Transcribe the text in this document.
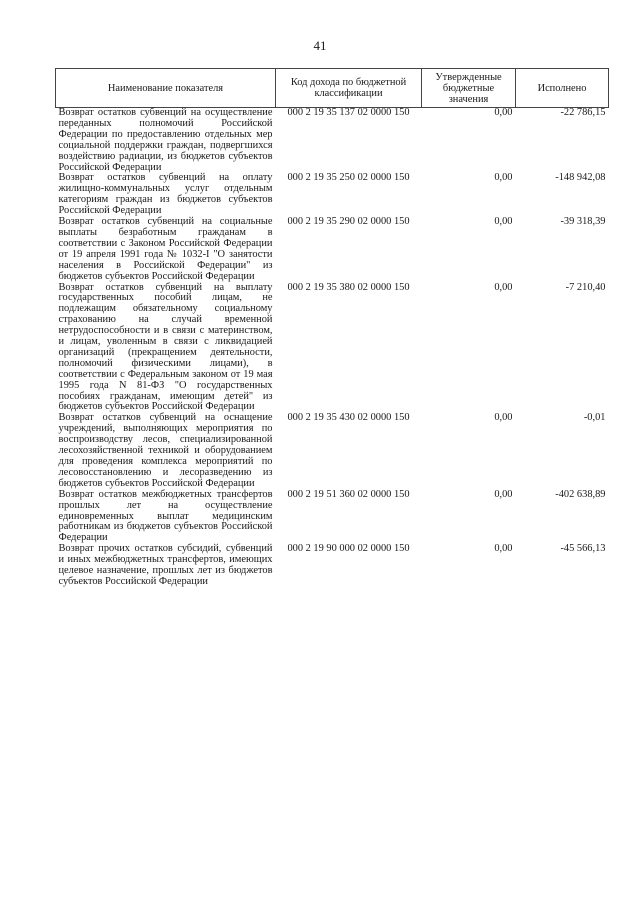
41
Наименование показателя	Код дохода по бюджетной классификации	Утвержденные бюджетные значения	Исполнено
Возврат остатков субвенций на осуществление переданных полномочий Российской Федерации по предоставлению отдельных мер социальной поддержки граждан, подвергшихся воздействию радиации, из бюджетов субъектов Российской Федерации	000 2 19 35 137 02 0000 150	0,00	-22 786,15
Возврат остатков субвенций на оплату жилищно-коммунальных услуг отдельным категориям граждан из бюджетов субъектов Российской Федерации	000 2 19 35 250 02 0000 150	0,00	-148 942,08
Возврат остатков субвенций на социальные выплаты безработным гражданам в соответствии с Законом Российской Федерации от 19 апреля 1991 года № 1032-I "О занятости населения в Российской Федерации" из бюджетов субъектов Российской Федерации	000 2 19 35 290 02 0000 150	0,00	-39 318,39
Возврат остатков субвенций на выплату государственных пособий лицам, не подлежащим обязательному социальному страхованию на случай временной нетрудоспособности и в связи с материнством, и лицам, уволенным в связи с ликвидацией организаций (прекращением деятельности, полномочий физическими лицами), в соответствии с Федеральным законом от 19 мая 1995 года N 81-ФЗ "О государственных пособиях гражданам, имеющим детей" из бюджетов субъектов Российской Федерации	000 2 19 35 380 02 0000 150	0,00	-7 210,40
Возврат остатков субвенций на оснащение учреждений, выполняющих мероприятия по воспроизводству лесов, специализированной лесохозяйственной техникой и оборудованием для проведения комплекса мероприятий по лесовосстановлению и лесоразведению из бюджетов субъектов Российской Федерации	000 2 19 35 430 02 0000 150	0,00	-0,01
Возврат остатков межбюджетных трансфертов прошлых лет на осуществление единовременных выплат медицинским работникам из бюджетов субъектов Российской Федерации	000 2 19 51 360 02 0000 150	0,00	-402 638,89
Возврат прочих остатков субсидий, субвенций и иных межбюджетных трансфертов, имеющих целевое назначение, прошлых лет из бюджетов субъектов Российской Федерации	000 2 19 90 000 02 0000 150	0,00	-45 566,13
